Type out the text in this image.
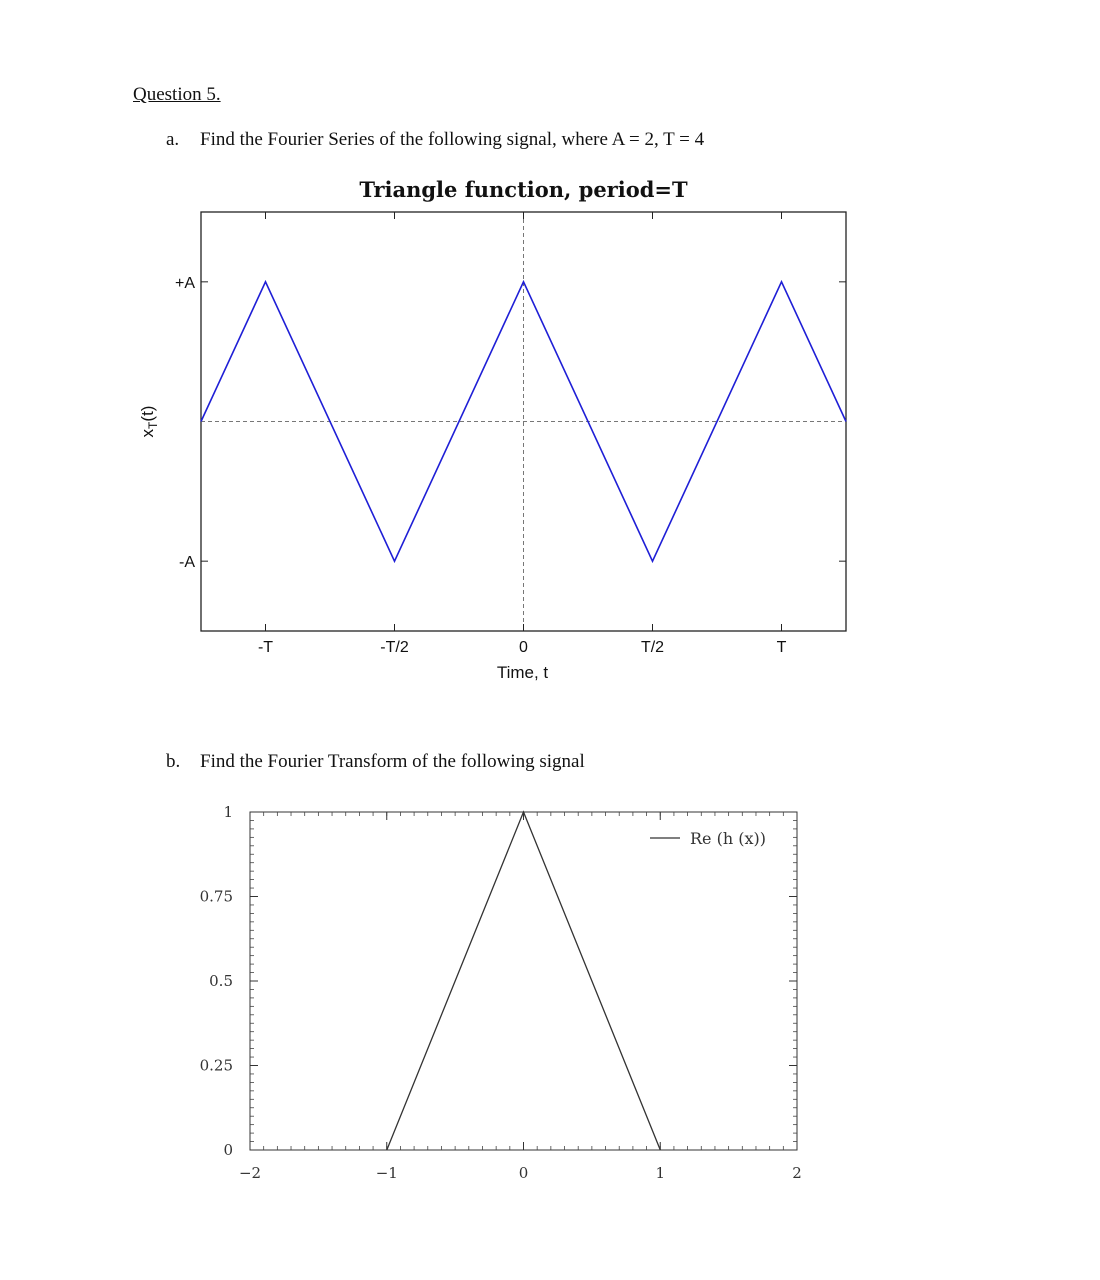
Question 5.
a. Find the Fourier Series of the following signal, where A = 2, T = 4
Triangle function, period=T
-T	-T/2	0	T/2	T
+A
-A
Time, t
$x_T(t)$
b. Find the Fourier Transform of the following signal
−2	−1	0	1	2
0
0.25
0.5
0.75
1
Re (h (x))
